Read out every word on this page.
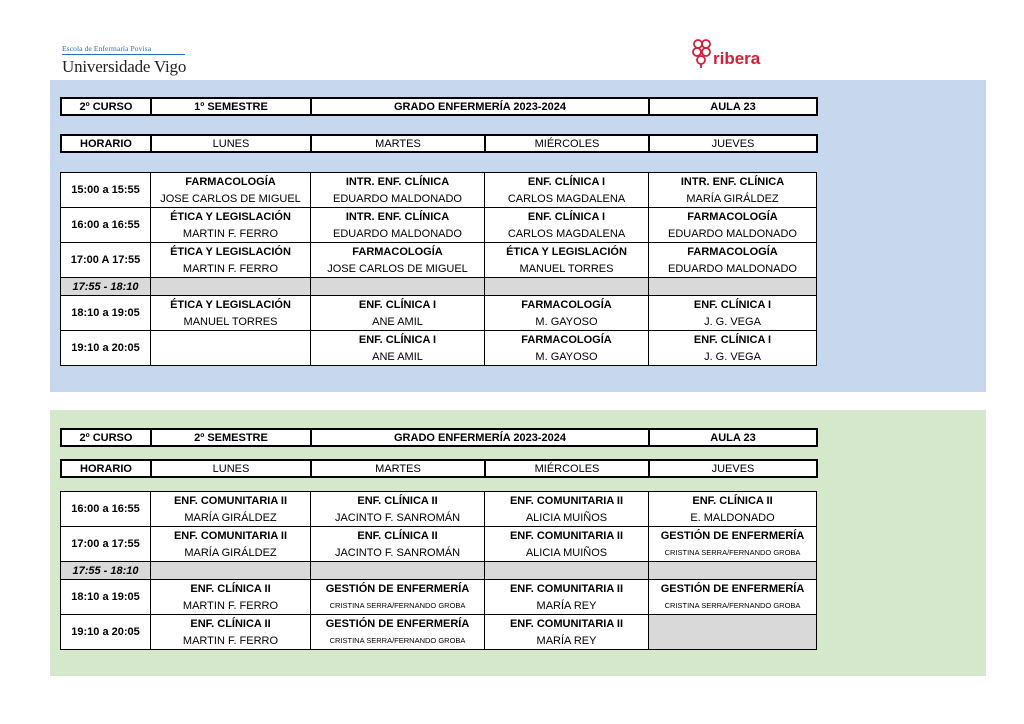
Escola de Enfermaría Povisa
Universidade Vigo	ribera
2º CURSO	1º SEMESTRE	GRADO ENFERMERÍA 2023-2024	AULA 23
HORARIO	LUNES	MARTES	MIÉRCOLES	JUEVES
15:00 a 15:55	FARMACOLOGÍA	INTR. ENF. CLÍNICA	ENF. CLÍNICA I	INTR. ENF. CLÍNICA
	JOSE CARLOS DE MIGUEL	EDUARDO MALDONADO	CARLOS MAGDALENA	MARÍA GIRÁLDEZ
16:00 a 16:55	ÉTICA Y LEGISLACIÓN	INTR. ENF. CLÍNICA	ENF. CLÍNICA I	FARMACOLOGÍA
	MARTIN F. FERRO	EDUARDO MALDONADO	CARLOS MAGDALENA	EDUARDO MALDONADO
17:00 A 17:55	ÉTICA Y LEGISLACIÓN	FARMACOLOGÍA	ÉTICA Y LEGISLACIÓN	FARMACOLOGÍA
	MARTIN F. FERRO	JOSE CARLOS DE MIGUEL	MANUEL TORRES	EDUARDO MALDONADO
17:55 - 18:10				
18:10 a 19:05	ÉTICA Y LEGISLACIÓN	ENF. CLÍNICA I	FARMACOLOGÍA	ENF. CLÍNICA I
	MANUEL TORRES	ANE AMIL	M. GAYOSO	J. G. VEGA
19:10 a 20:05		ENF. CLÍNICA I	FARMACOLOGÍA	ENF. CLÍNICA I
		ANE AMIL	M. GAYOSO	J. G. VEGA
2º CURSO	2º SEMESTRE	GRADO ENFERMERÍA 2023-2024	AULA 23
HORARIO	LUNES	MARTES	MIÉRCOLES	JUEVES
16:00 a 16:55	ENF. COMUNITARIA II	ENF. CLÍNICA II	ENF. COMUNITARIA II	ENF. CLÍNICA II
	MARÍA GIRÁLDEZ	JACINTO F. SANROMÁN	ALICIA MUIÑOS	E. MALDONADO
17:00 a 17:55	ENF. COMUNITARIA II	ENF. CLÍNICA II	ENF. COMUNITARIA II	GESTIÓN DE ENFERMERÍA
	MARÍA GIRÁLDEZ	JACINTO F. SANROMÁN	ALICIA MUIÑOS	CRISTINA SERRA/FERNANDO GROBA
17:55 - 18:10				
18:10 a 19:05	ENF. CLÍNICA II	GESTIÓN DE ENFERMERÍA	ENF. COMUNITARIA II	GESTIÓN DE ENFERMERÍA
	MARTIN F. FERRO	CRISTINA SERRA/FERNANDO GROBA	MARÍA REY	CRISTINA SERRA/FERNANDO GROBA
19:10 a 20:05	ENF. CLÍNICA II	GESTIÓN DE ENFERMERÍA	ENF. COMUNITARIA II	
	MARTIN F. FERRO	CRISTINA SERRA/FERNANDO GROBA	MARÍA REY	
